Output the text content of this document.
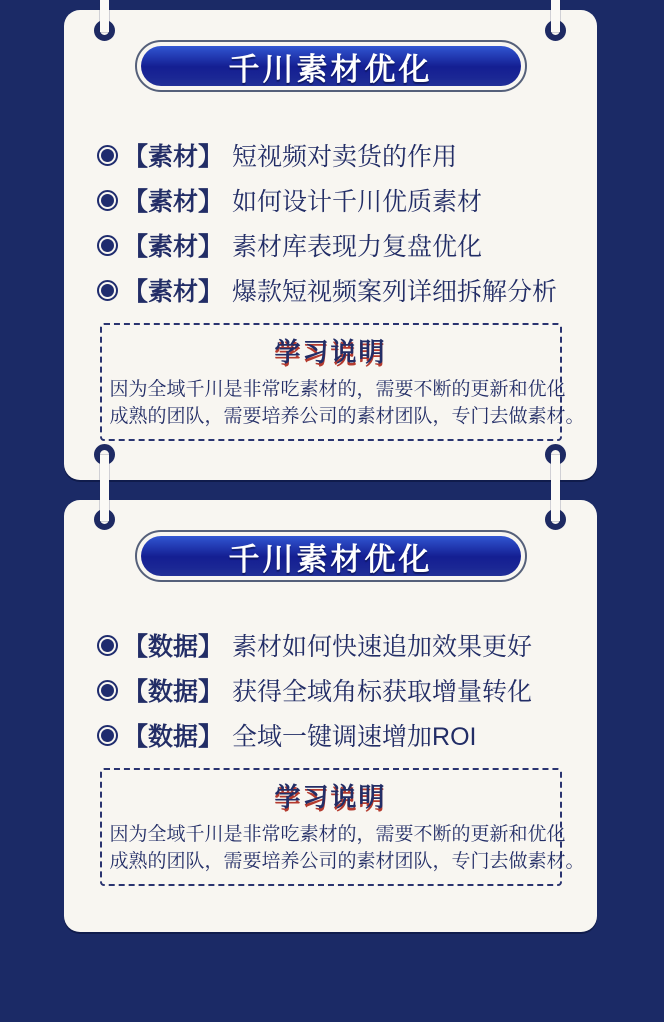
千川素材优化
【素材】 短视频对卖货的作用
【素材】 如何设计千川优质素材
【素材】 素材库表现力复盘优化
【素材】 爆款短视频案列详细拆解分析
学习说明
因为全域千川是非常吃素材的，需要不断的更新和优化
成熟的团队，需要培养公司的素材团队，专门去做素材。
千川素材优化
【数据】 素材如何快速追加效果更好
【数据】 获得全域角标获取增量转化
【数据】 全域一键调速增加ROI
学习说明
因为全域千川是非常吃素材的，需要不断的更新和优化
成熟的团队，需要培养公司的素材团队，专门去做素材。
